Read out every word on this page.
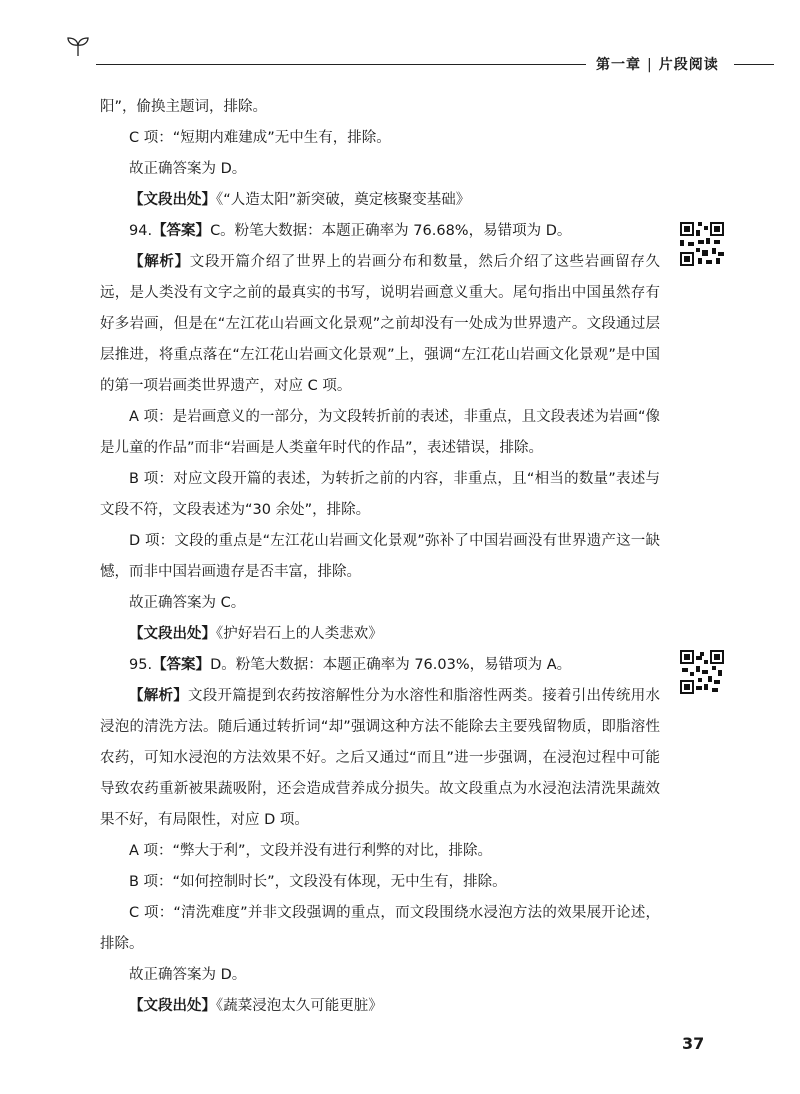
第一章 | 片段阅读

阳”，偷换主题词，排除。

C 项：“短期内难建成”无中生有，排除。

故正确答案为 D。

【文段出处】《“人造太阳”新突破，奠定核聚变基础》

94.【答案】C。粉笔大数据：本题正确率为 76.68%，易错项为 D。

【解析】文段开篇介绍了世界上的岩画分布和数量，然后介绍了这些岩画留存久远，是人类没有文字之前的最真实的书写，说明岩画意义重大。尾句指出中国虽然存有好多岩画，但是在“左江花山岩画文化景观”之前却没有一处成为世界遗产。文段通过层层推进，将重点落在“左江花山岩画文化景观”上，强调“左江花山岩画文化景观”是中国的第一项岩画类世界遗产，对应 C 项。

A 项：是岩画意义的一部分，为文段转折前的表述，非重点，且文段表述为岩画“像是儿童的作品”而非“岩画是人类童年时代的作品”，表述错误，排除。

B 项：对应文段开篇的表述，为转折之前的内容，非重点，且“相当的数量”表述与文段不符，文段表述为“30 余处”，排除。

D 项：文段的重点是“左江花山岩画文化景观”弥补了中国岩画没有世界遗产这一缺憾，而非中国岩画遗存是否丰富，排除。

故正确答案为 C。

【文段出处】《护好岩石上的人类悲欢》

95.【答案】D。粉笔大数据：本题正确率为 76.03%，易错项为 A。

【解析】文段开篇提到农药按溶解性分为水溶性和脂溶性两类。接着引出传统用水浸泡的清洗方法。随后通过转折词“却”强调这种方法不能除去主要残留物质，即脂溶性农药，可知水浸泡的方法效果不好。之后又通过“而且”进一步强调，在浸泡过程中可能导致农药重新被果蔬吸附，还会造成营养成分损失。故文段重点为水浸泡法清洗果蔬效果不好，有局限性，对应 D 项。

A 项：“弊大于利”，文段并没有进行利弊的对比，排除。

B 项：“如何控制时长”，文段没有体现，无中生有，排除。

C 项：“清洗难度”并非文段强调的重点，而文段围绕水浸泡方法的效果展开论述，排除。

故正确答案为 D。

【文段出处】《蔬菜浸泡太久可能更脏》

37
